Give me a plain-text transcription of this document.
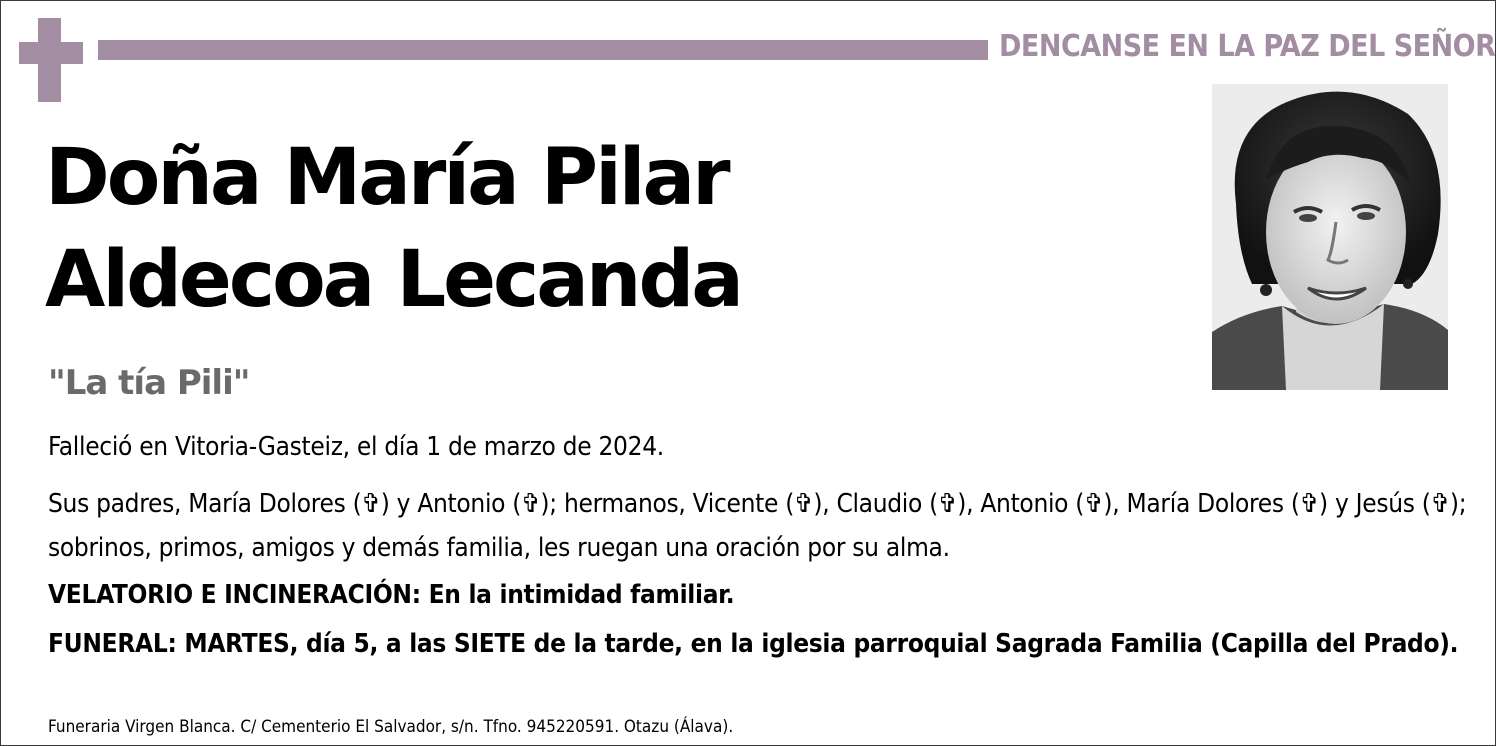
DENCANSE EN LA PAZ DEL SEÑOR
Doña María Pilar
Aldecoa Lecanda
"La tía Pili"
Falleció en Vitoria-Gasteiz, el día 1 de marzo de 2024.
Sus padres, María Dolores (✞) y Antonio (✞); hermanos, Vicente (✞), Claudio (✞), Antonio (✞), María Dolores (✞) y Jesús (✞); sobrinos, primos, amigos y demás familia, les ruegan una oración por su alma.
VELATORIO E INCINERACIÓN: En la intimidad familiar.
FUNERAL: MARTES, día 5, a las SIETE de la tarde, en la iglesia parroquial Sagrada Familia (Capilla del Prado).
Funeraria Virgen Blanca. C/ Cementerio El Salvador, s/n. Tfno. 945220591. Otazu (Álava).
